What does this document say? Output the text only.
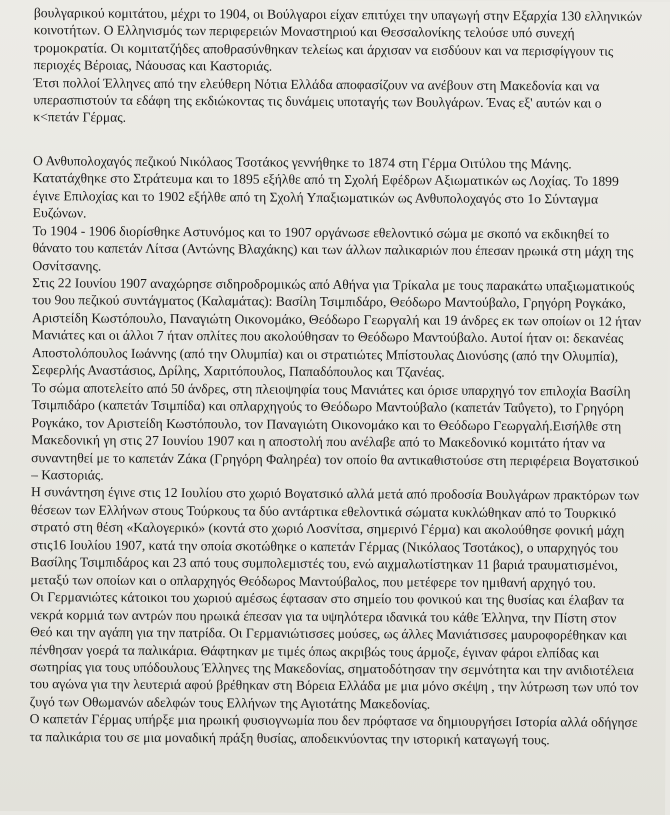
βουλγαρικού κομιτάτου, μέχρι το 1904, οι Βούλγαροι είχαν επιτύχει την υπαγωγή στην Εξαρχία 130 ελληνικών κοινοτήτων. Ο Ελληνισμός των περιφερειών Μοναστηριού και Θεσσαλονίκης τελούσε υπό συνεχή τρομοκρατία. Οι κομιτατζήδες αποθρασύνθηκαν τελείως και άρχισαν να εισδύουν και να περισφίγγουν τις περιοχές Βέροιας, Νάουσας και Καστοριάς.

Έτσι πολλοί Έλληνες από την ελεύθερη Νότια Ελλάδα αποφασίζουν να ανέβουν στη Μακεδονία και να υπερασπιστούν τα εδάφη της εκδιώκοντας τις δυνάμεις υποταγής των Βουλγάρων. Ένας εξ' αυτών και ο κ<πετάν Γέρμας.

Ο Ανθυπολοχαγός πεζικού Νικόλαος Τσοτάκος γεννήθηκε το 1874 στη Γέρμα Οιτύλου της Μάνης. Κατατάχθηκε στο Στράτευμα και το 1895 εξήλθε από τη Σχολή Εφέδρων Αξιωματικών ως Λοχίας. Το 1899 έγινε Επιλοχίας και το 1902 εξήλθε από τη Σχολή Υπαξιωματικών ως Ανθυπολοχαγός στο 1ο Σύνταγμα Ευζώνων.

Το 1904 - 1906 διορίσθηκε Αστυνόμος και το 1907 οργάνωσε εθελοντικό σώμα με σκοπό να εκδικηθεί το θάνατο του καπετάν Λίτσα (Αντώνης Βλαχάκης) και των άλλων παλικαριών που έπεσαν ηρωικά στη μάχη της Οσνίτσανης.

Στις 22 Ιουνίου 1907 αναχώρησε σιδηροδρομικώς από Αθήνα για Τρίκαλα με τους παρακάτω υπαξιωματικούς του 9ου πεζικού συντάγματος (Καλαμάτας): Βασίλη Τσιμπιδάρο, Θεόδωρο Μαντούβαλο, Γρηγόρη Ρογκάκο, Αριστείδη Κωστόπουλο, Παναγιώτη Οικονομάκο, Θεόδωρο Γεωργαλή και 19 άνδρες εκ των οποίων οι 12 ήταν Μανιάτες και οι άλλοι 7 ήταν οπλίτες που ακολούθησαν το Θεόδωρο Μαντούβαλο. Αυτοί ήταν οι: δεκανέας Αποστολόπουλος Ιωάννης (από την Ολυμπία) και οι στρατιώτες Μπίστουλας Διονύσης (από την Ολυμπία), Σεφερλής Αναστάσιος, Δρίλης, Χαριτόπουλος, Παπαδόπουλος και Τζανέας.

Το σώμα αποτελείτο από 50 άνδρες, στη πλειοψηφία τους Μανιάτες και όρισε υπαρχηγό τον επιλοχία Βασίλη Τσιμπιδάρο (καπετάν Τσιμπίδα) και οπλαρχηγούς το Θεόδωρο Μαντούβαλο (καπετάν Ταΰγετο), το Γρηγόρη Ρογκάκο, τον Αριστείδη Κωστόπουλο, τον Παναγιώτη Οικονομάκο και το Θεόδωρο Γεωργαλή.Εισήλθε στη Μακεδονική γη στις 27 Ιουνίου 1907 και η αποστολή που ανέλαβε από το Μακεδονικό κομιτάτο ήταν να συναντηθεί με το καπετάν Ζάκα (Γρηγόρη Φαληρέα) τον οποίο θα αντικαθιστούσε στη περιφέρεια Βογατσικού – Καστοριάς.

Η συνάντηση έγινε στις 12 Ιουλίου στο χωριό Βογατσικό αλλά μετά από προδοσία Βουλγάρων πρακτόρων των θέσεων των Ελλήνων στους Τούρκους τα δύο αντάρτικα εθελοντικά σώματα κυκλώθηκαν από το Τουρκικό στρατό στη θέση «Καλογερικό» (κοντά στο χωριό Λοσνίτσα, σημερινό Γέρμα) και ακολούθησε φονική μάχη στις16 Ιουλίου 1907, κατά την οποία σκοτώθηκε ο καπετάν Γέρμας (Νικόλαος Τσοτάκος), ο υπαρχηγός του Βασίλης Τσιμπιδάρος και 23 από τους συμπολεμιστές του, ενώ αιχμαλωτίστηκαν 11 βαριά τραυματισμένοι, μεταξύ των οποίων και ο οπλαρχηγός Θεόδωρος Μαντούβαλος, που μετέφερε τον ημιθανή αρχηγό του.

Οι Γερμανιώτες κάτοικοι του χωριού αμέσως έφτασαν στο σημείο του φονικού και της θυσίας και έλαβαν τα νεκρά κορμιά των αντρών που ηρωικά έπεσαν για τα υψηλότερα ιδανικά του κάθε Έλληνα, την Πίστη στον Θεό και την αγάπη για την πατρίδα. Οι Γερμανιώτισσες μούσες, ως άλλες Μανιάτισσες μαυροφορέθηκαν και πένθησαν γοερά τα παλικάρια. Θάφτηκαν με τιμές όπως ακριβώς τους άρμοζε, έγιναν φάροι ελπίδας και σωτηρίας για τους υπόδουλους Έλληνες της Μακεδονίας, σηματοδότησαν την σεμνότητα και την ανιδιοτέλεια του αγώνα για την λευτεριά αφού βρέθηκαν στη Βόρεια Ελλάδα με μια μόνο σκέψη , την λύτρωση των υπό τον ζυγό των Οθωμανών αδελφών τους Ελλήνων της Αγιοτάτης Μακεδονίας.

Ο καπετάν Γέρμας υπήρξε μια ηρωική φυσιογνωμία που δεν πρόφτασε να δημιουργήσει Ιστορία αλλά οδήγησε τα παλικάρια του σε μια μοναδική πράξη θυσίας, αποδεικνύοντας την ιστορική καταγωγή τους.
